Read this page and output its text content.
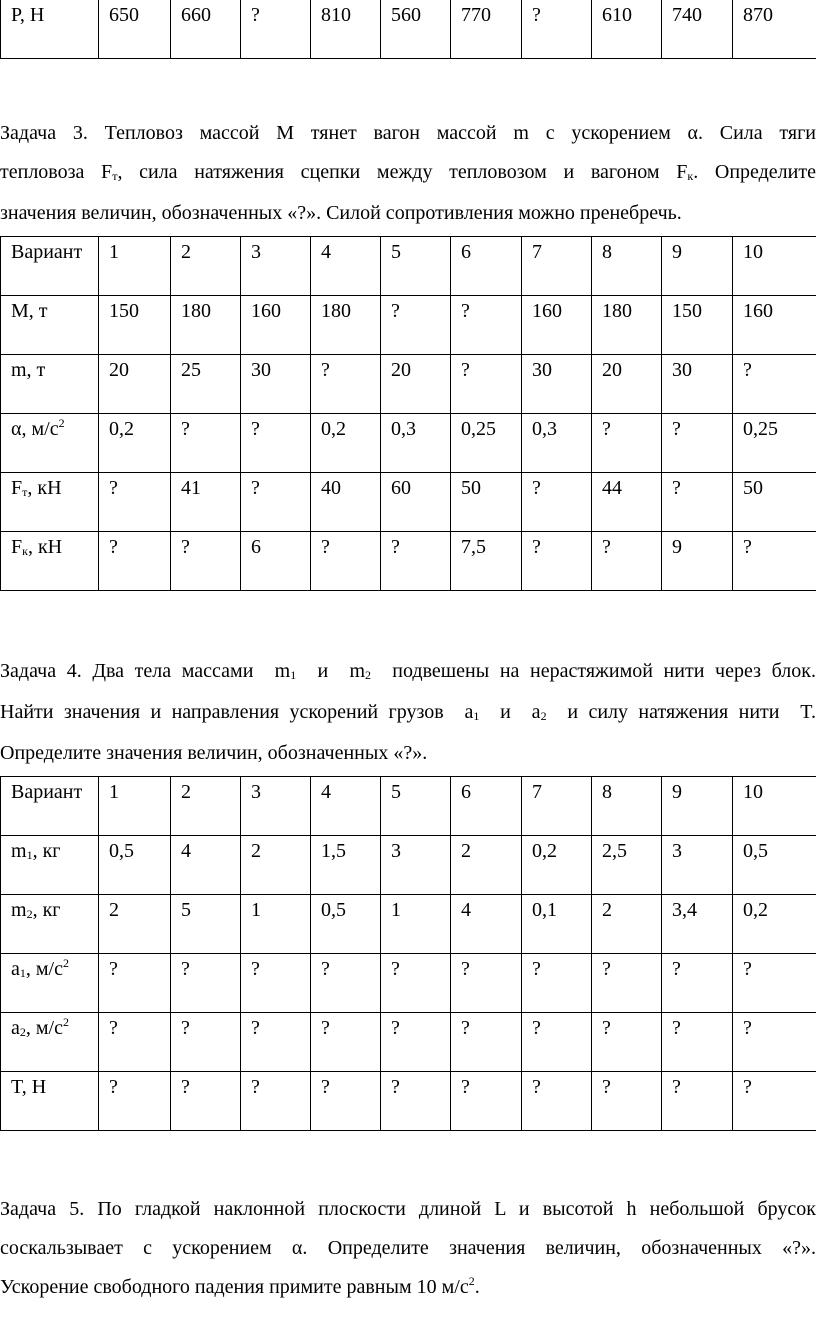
P, H	650	660	?	810	560	770	?	610	740	870
Задача 3. Тепловоз массой М тянет вагон массой m с ускорением α. Сила тяги
тепловоза $F_т$, сила натяжения сцепки между тепловозом и вагоном $F_к$. Определите
значения величин, обозначенных «?». Силой сопротивления можно пренебречь.
Вариант	1	2	3	4	5	6	7	8	9	10
М, т	150	180	160	180	?	?	160	180	150	160
m, т	20	25	30	?	20	?	30	20	30	?
α, $м/с^2$	0,2	?	?	0,2	0,3	0,25	0,3	?	?	0,25
$F_т$, кН	?	41	?	40	60	50	?	44	?	50
$F_к$, кН	?	?	6	?	?	7,5	?	?	9	?
Задача 4. Два тела массами  $m_1$  и  $m_2$  подвешены на нерастяжимой нити через блок.
Найти значения и направления ускорений грузов  $a_1$  и  $a_2$  и силу натяжения нити  T.
Определите значения величин, обозначенных «?».
Вариант	1	2	3	4	5	6	7	8	9	10
$m_1$, кг	0,5	4	2	1,5	3	2	0,2	2,5	3	0,5
$m_2$, кг	2	5	1	0,5	1	4	0,1	2	3,4	0,2
$a_1$, $м/с^2$	?	?	?	?	?	?	?	?	?	?
$a_2$, $м/с^2$	?	?	?	?	?	?	?	?	?	?
T, H	?	?	?	?	?	?	?	?	?	?
Задача 5. По гладкой наклонной плоскости длиной L и высотой h небольшой брусок
соскальзывает с ускорением α. Определите значения величин, обозначенных «?».
Ускорение свободного падения примите равным 10 $м/с^2$.
